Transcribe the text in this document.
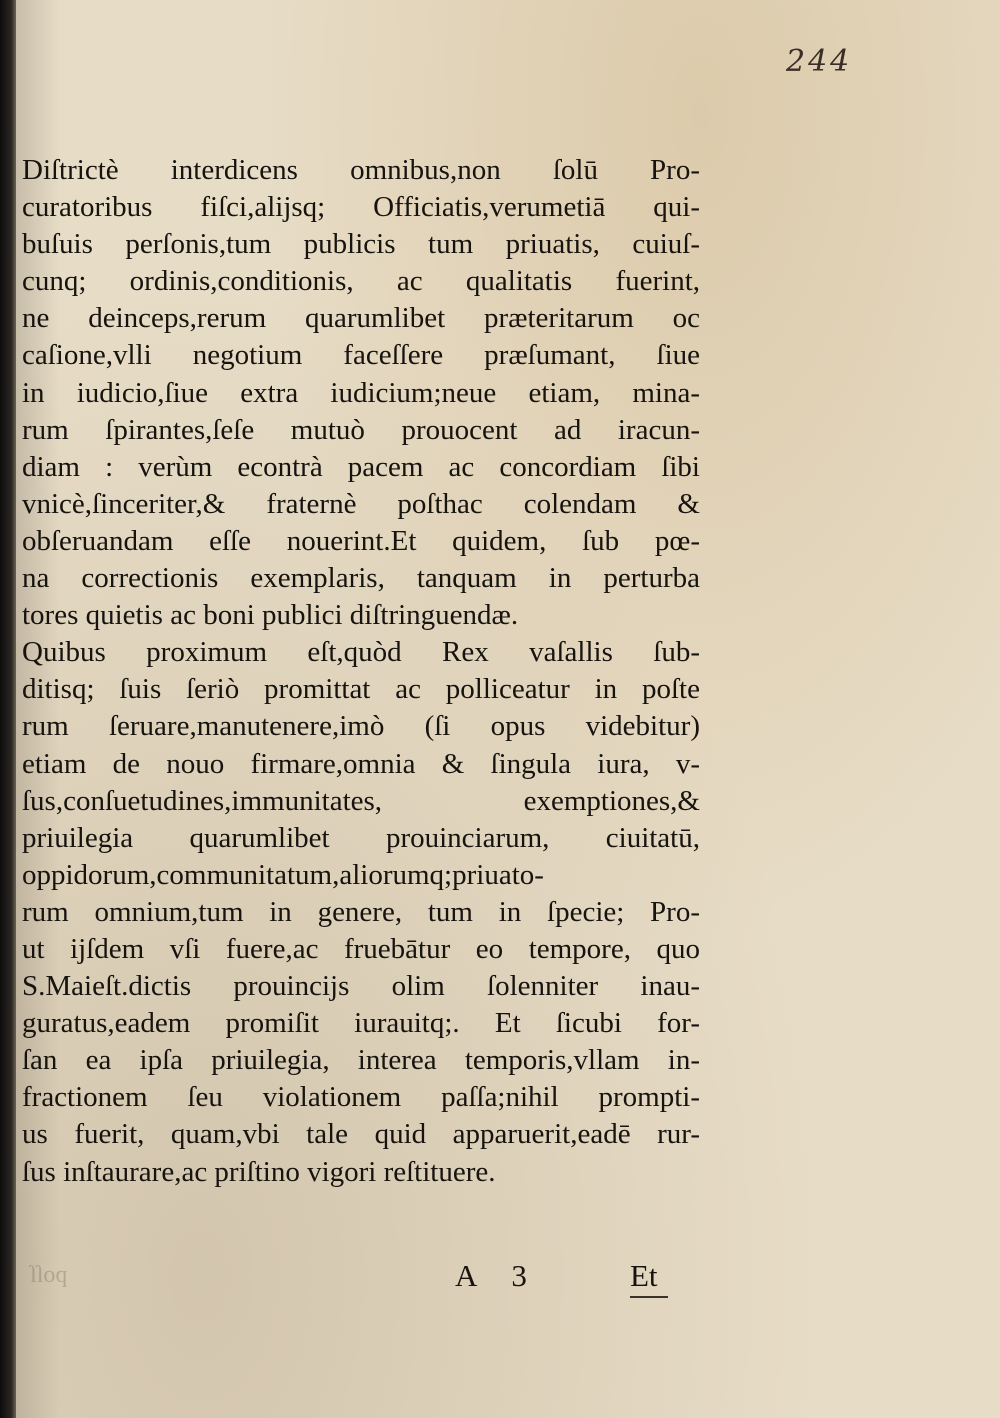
244
Diſtrictè interdicens omnibus,non ſolū Pro-
curatoribus fiſci,alijsq; Officiatis,verumetiā qui-
buſuis perſonis,tum publicis tum priuatis, cuiuſ-
cunq; ordinis,conditionis, ac qualitatis fuerint,
ne deinceps,rerum quarumlibet præteritarum oc
caſione,vlli negotium faceſſere præſumant, ſiue
in iudicio,ſiue extra iudicium;neue etiam, mina-
rum ſpirantes,ſeſe mutuò prouocent ad iracun-
diam : verùm econtrà pacem ac concordiam ſibi
vnicè,ſinceriter,& fraternè poſthac colendam &
obſeruandam eſſe nouerint.Et quidem, ſub pœ-
na correctionis exemplaris, tanquam in perturba
tores quietis ac boni publici diſtringuendæ.
Quibus proximum eſt,quòd Rex vaſallis ſub-
ditisq; ſuis ſeriò promittat ac polliceatur in poſte
rum ſeruare,manutenere,imò (ſi opus videbitur)
etiam de nouo firmare,omnia & ſingula iura, v-
ſus,conſuetudines,immunitates, exemptiones,&
priuilegia quarumlibet prouinciarum, ciuitatū,
oppidorum,communitatum,aliorumq;priuato-
rum omnium,tum in genere, tum in ſpecie; Pro-
ut ijſdem vſi fuere,ac fruebātur eo tempore, quo
S.Maieſt.dictis prouincijs olim ſolenniter inau-
guratus,eadem promiſit iurauitq;. Et ſicubi for-
ſan ea ipſa priuilegia, interea temporis,vllam in-
fractionem ſeu violationem paſſa;nihil prompti-
us fuerit, quam,vbi tale quid apparuerit,eadē rur-
ſus inſtaurare,ac priſtino vigori reſtituere.
poſſ	A 3	Et
